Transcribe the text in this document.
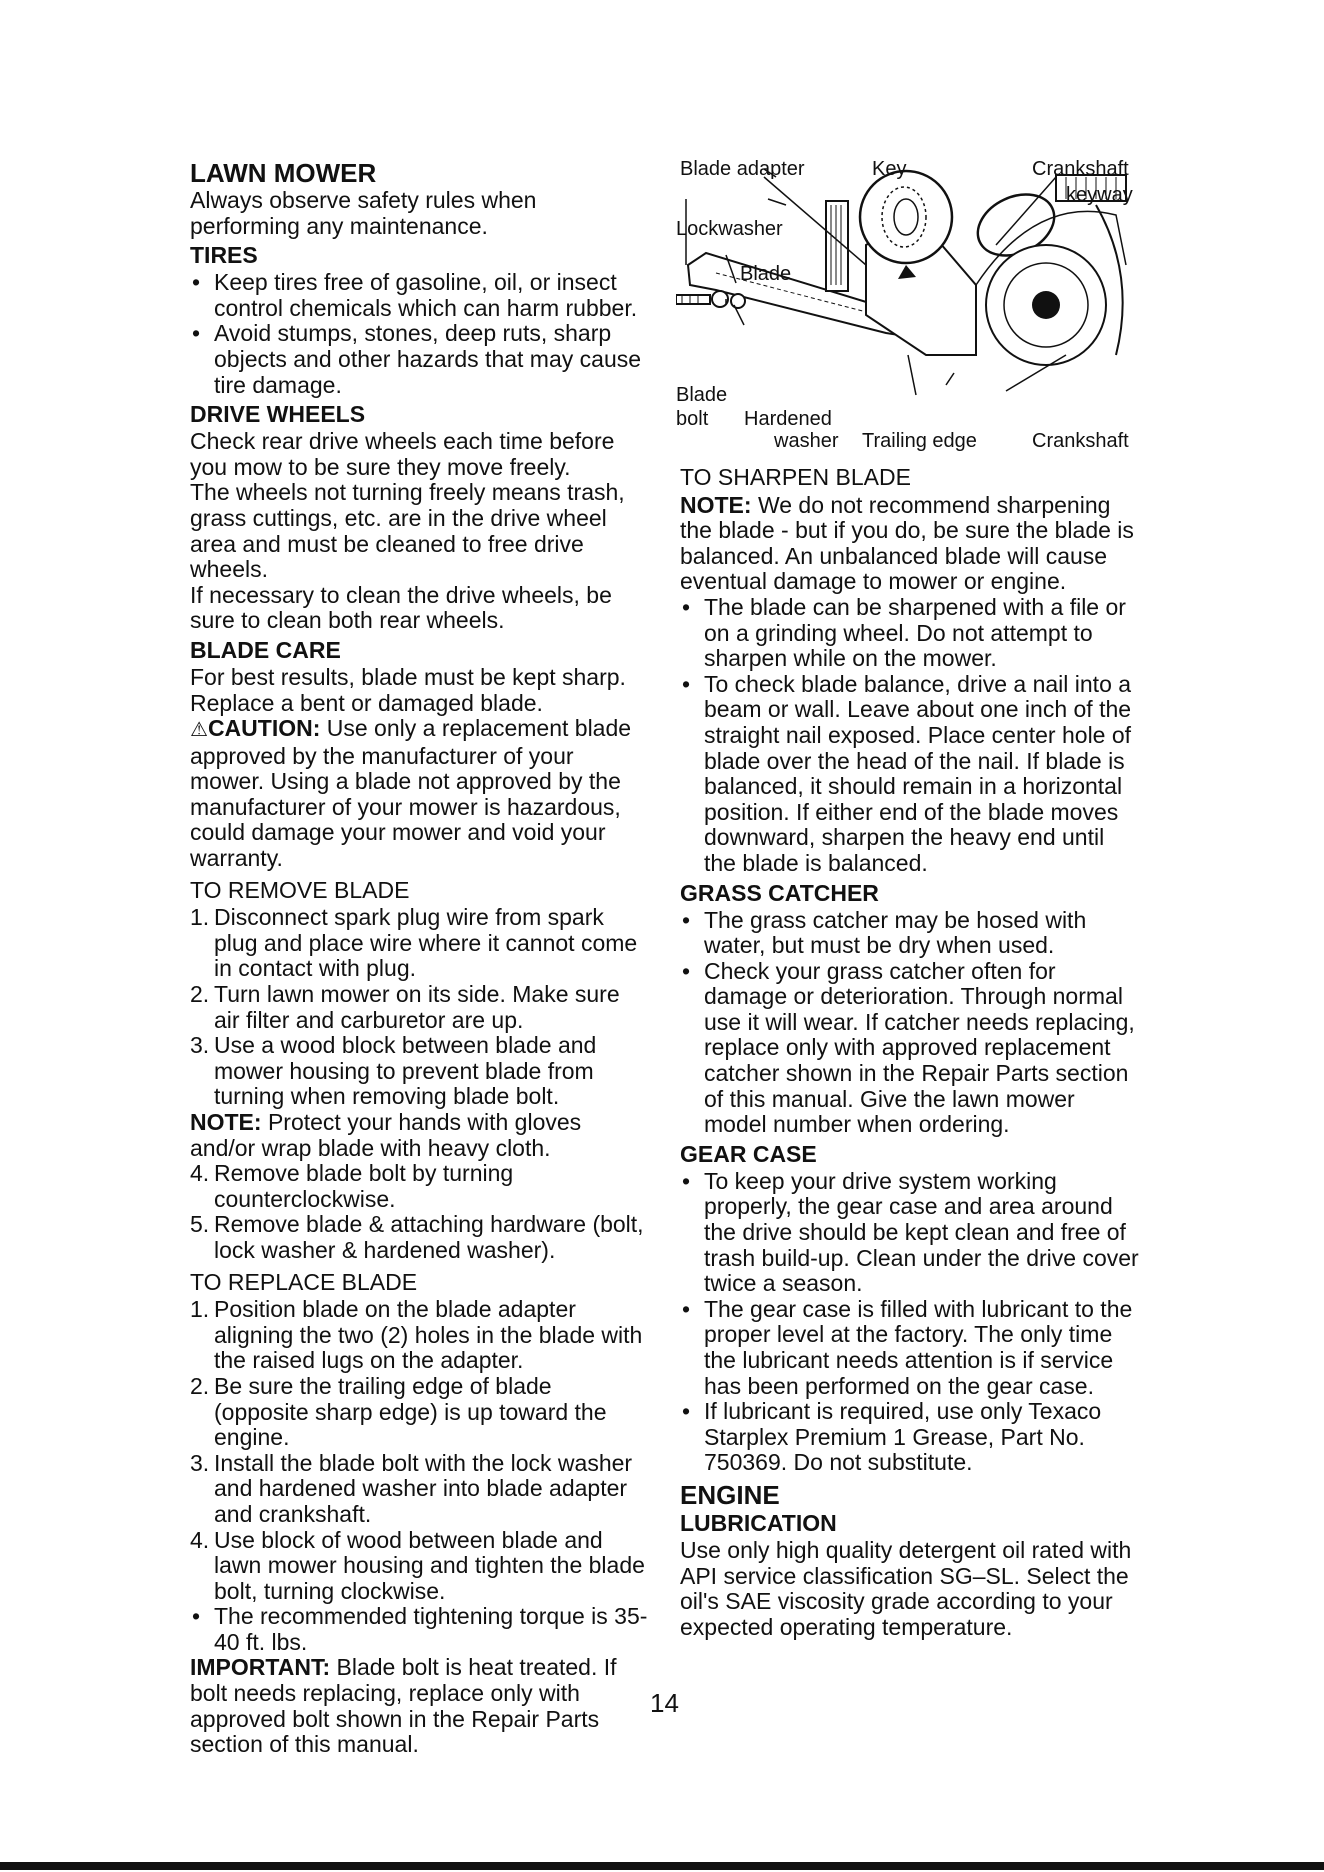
LAWN MOWER

Always observe safety rules when performing any maintenance.

TIRES
• Keep tires free of gasoline, oil, or insect control chemicals which can harm rubber.
• Avoid stumps, stones, deep ruts, sharp objects and other hazards that may cause tire damage.
DRIVE WHEELS

Check rear drive wheels each time before you mow to be sure they move freely.

The wheels not turning freely means trash, grass cuttings, etc. are in the drive wheel area and must be cleaned to free drive wheels.

If necessary to clean the drive wheels, be sure to clean both rear wheels.

BLADE CARE

For best results, blade must be kept sharp. Replace a bent or damaged blade.

⚠CAUTION: Use only a replacement blade approved by the manufacturer of your mower. Using a blade not approved by the manufacturer of your mower is hazardous, could damage your mower and void your warranty.

TO REMOVE BLADE
1. Disconnect spark plug wire from spark plug and place wire where it cannot come in contact with plug.
2. Turn lawn mower on its side. Make sure air filter and carburetor are up.
3. Use a wood block between blade and mower housing to prevent blade from turning when removing blade bolt.

NOTE: Protect your hands with gloves and/or wrap blade with heavy cloth.

4. Remove blade bolt by turning counterclockwise.
5. Remove blade & attaching hardware (bolt, lock washer & hardened washer).
TO REPLACE BLADE
1. Position blade on the blade adapter aligning the two (2) holes in the blade with the raised lugs on the adapter.
2. Be sure the trailing edge of blade (opposite sharp edge) is up toward the engine.
3. Install the blade bolt with the lock washer and hardened washer into blade adapter and crankshaft.
4. Use block of wood between blade and lawn mower housing and tighten the blade bolt, turning clockwise.
• The recommended tightening torque is 35-40 ft. lbs.

IMPORTANT: Blade bolt is heat treated. If bolt needs replacing, replace only with approved bolt shown in the Repair Parts section of this manual.

Blade adapter	Key	Crankshaft
keyway
Lockwasher
Blade
Blade
bolt Hardened
washer Trailing edge	Crankshaft
TO SHARPEN BLADE

NOTE: We do not recommend sharpening the blade - but if you do, be sure the blade is balanced. An unbalanced blade will cause eventual damage to mower or engine.

• The blade can be sharpened with a file or on a grinding wheel. Do not attempt to sharpen while on the mower.
• To check blade balance, drive a nail into a beam or wall. Leave about one inch of the straight nail exposed. Place center hole of blade over the head of the nail. If blade is balanced, it should remain in a horizontal position. If either end of the blade moves downward, sharpen the heavy end until the blade is balanced.
GRASS CATCHER
• The grass catcher may be hosed with water, but must be dry when used.
• Check your grass catcher often for damage or deterioration. Through normal use it will wear. If catcher needs replacing, replace only with approved replacement catcher shown in the Repair Parts section of this manual. Give the lawn mower model number when ordering.
GEAR CASE
• To keep your drive system working properly, the gear case and area around the drive should be kept clean and free of trash build-up. Clean under the drive cover twice a season.
• The gear case is filled with lubricant to the proper level at the factory. The only time the lubricant needs attention is if service has been performed on the gear case.
• If lubricant is required, use only Texaco Starplex Premium 1 Grease, Part No. 750369. Do not substitute.
ENGINE
LUBRICATION

Use only high quality detergent oil rated with API service classification SG–SL. Select the oil's SAE viscosity grade according to your expected operating temperature.

14
